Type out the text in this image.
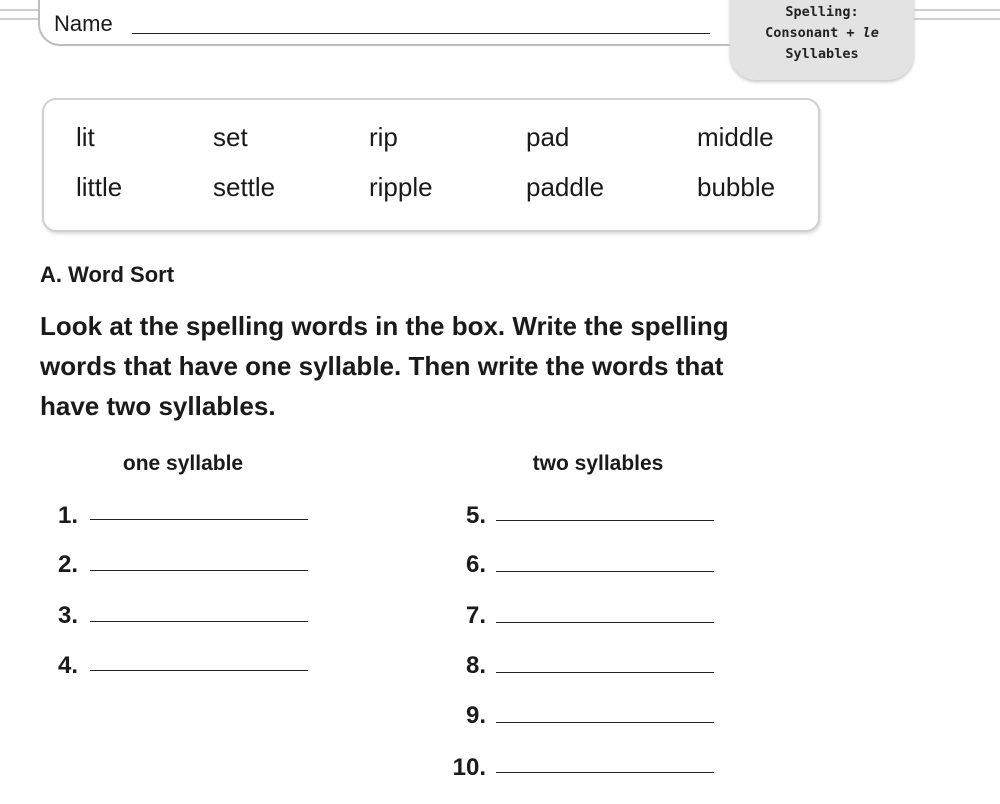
Name	Spelling:
Consonant + le
Syllables
lit	set	rip	pad	middle
little	settle	ripple	paddle	bubble
A. Word Sort
Look at the spelling words in the box. Write the spelling
words that have one syllable. Then write the words that
have two syllables.
one syllable	two syllables
1.
2.
3.
4.
5.
6.
7.
8.
9.
10.
